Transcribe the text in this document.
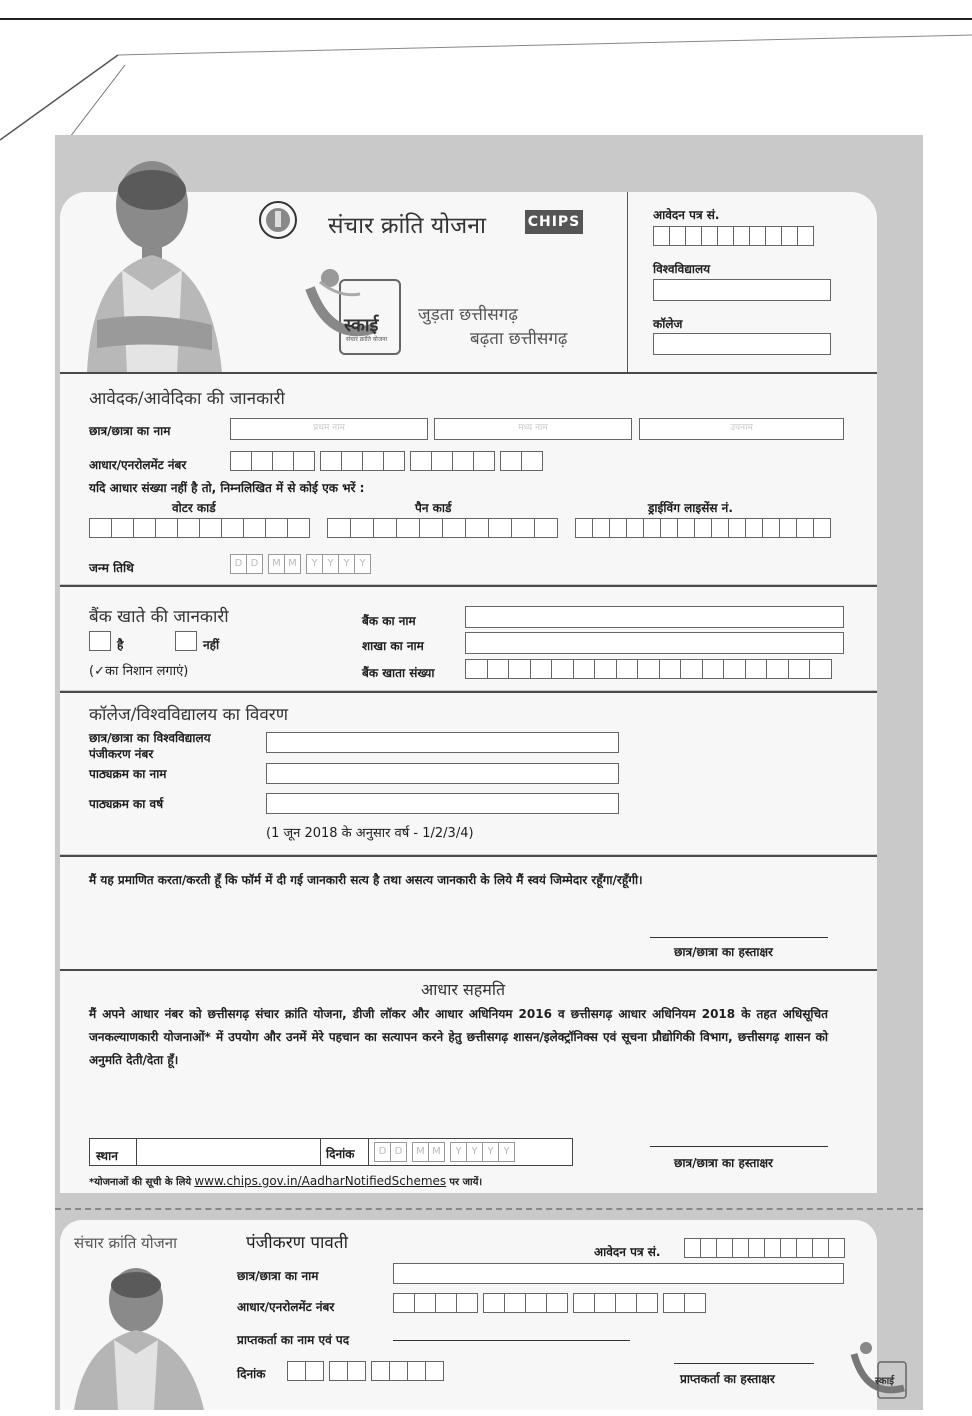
संचार क्रांति योजना	CHIPS
स्काई
संचार क्रांति योजना
जुड़ता छत्तीसगढ़
बढ़ता छत्तीसगढ़
आवेदन पत्र सं.
विश्वविद्यालय
कॉलेज
आवेदक/आवेदिका की जानकारी
छात्र/छात्रा का नाम	प्रथम नाम	मध्य नाम	उपनाम
आधार/एनरोलमेंट नंबर
यदि आधार संख्या नहीं है तो, निम्नलिखित में से कोई एक भरें :
वोटर कार्ड	पैन कार्ड	ड्राईविंग लाइसेंस नं.
जन्म तिथि	D D	M M	Y Y Y Y
बैंक खाते की जानकारी
है	नहीं
(✓का निशान लगाएं)
बैंक का नाम
शाखा का नाम
बैंक खाता संख्या
कॉलेज/विश्वविद्यालय का विवरण
छात्र/छात्रा का विश्वविद्यालय
पंजीकरण नंबर
पाठ्यक्रम का नाम
पाठ्यक्रम का वर्ष
(1 जून 2018 के अनुसार वर्ष - 1/2/3/4)
मैं यह प्रमाणित करता/करती हूँ कि फॉर्म में दी गई जानकारी सत्य है तथा असत्य जानकारी के लिये मैं स्वयं जिम्मेदार रहूँगा/रहूँगी।
छात्र/छात्रा का हस्ताक्षर
आधार सहमति
मैं अपने आधार नंबर को छत्तीसगढ़ संचार क्रांति योजना, डीजी लॉकर और आधार अधिनियम 2016 व छत्तीसगढ़ आधार अधिनियम 2018 के तहत अधिसूचित जनकल्याणकारी योजनाओं* में उपयोग और उनमें मेरे पहचान का सत्यापन करने हेतु छत्तीसगढ़ शासन/इलेक्ट्रॉनिक्स एवं सूचना प्रौद्योगिकी विभाग, छत्तीसगढ़ शासन को अनुमति देती/देता हूँ।
स्थान	दिनांक	D D	M M	Y Y Y Y
छात्र/छात्रा का हस्ताक्षर
*योजनाओं की सूची के लिये www.chips.gov.in/AadharNotifiedSchemes पर जायें।
संचार क्रांति योजना	पंजीकरण पावती	आवेदन पत्र सं.
छात्र/छात्रा का नाम
आधार/एनरोलमेंट नंबर
प्राप्तकर्ता का नाम एवं पद
दिनांक	प्राप्तकर्ता का हस्ताक्षर	स्काई
